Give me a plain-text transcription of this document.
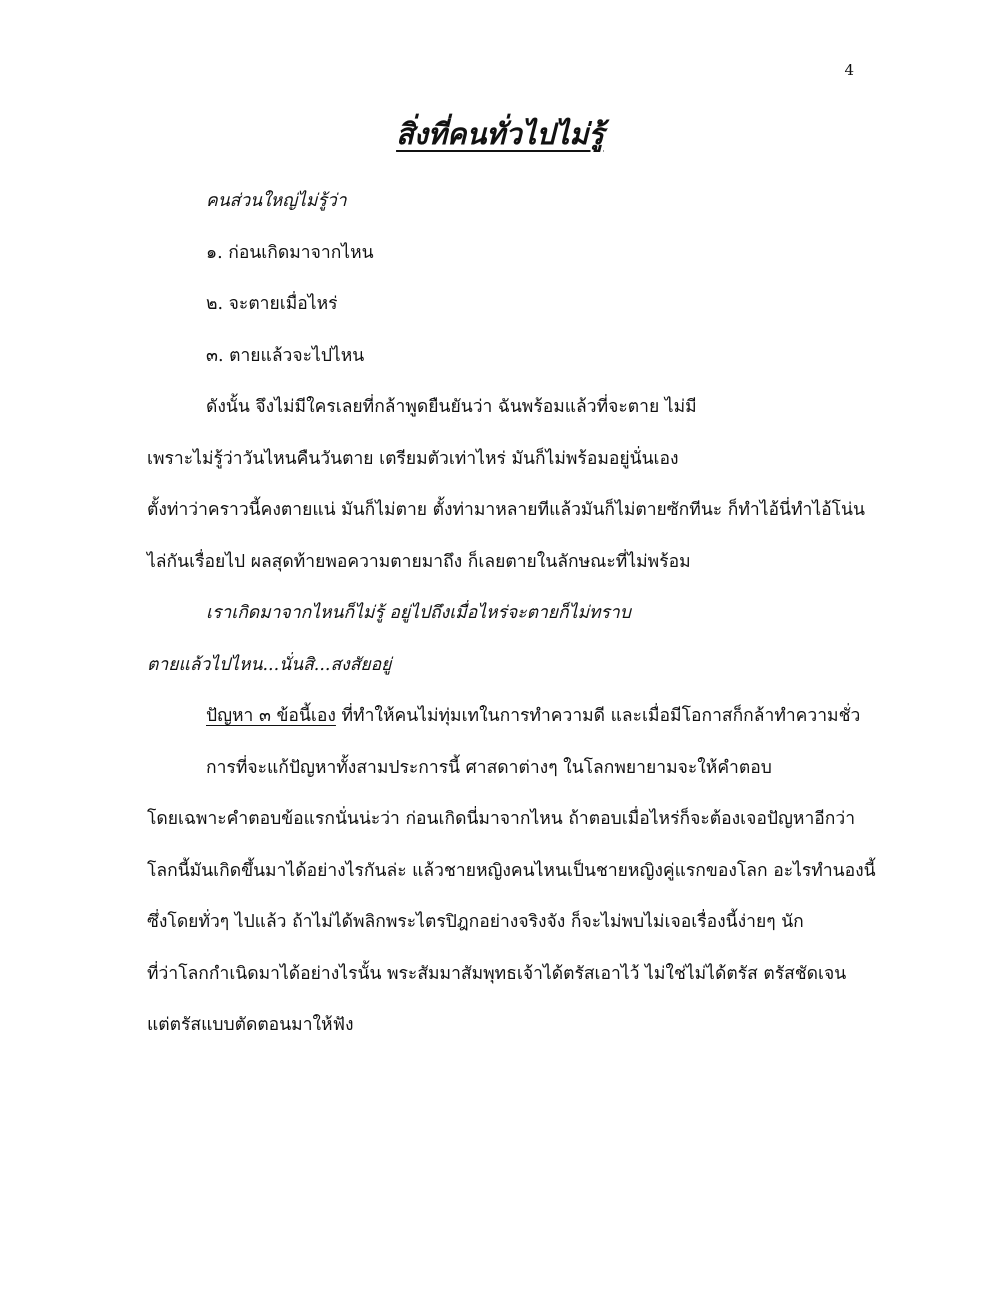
4
สิ่งที่คนทั่วไปไม่รู้
คนส่วนใหญ่ไม่รู้ว่า
๑. ก่อนเกิดมาจากไหน
๒. จะตายเมื่อไหร่
๓. ตายแล้วจะไปไหน
ดังนั้น จึงไม่มีใครเลยที่กล้าพูดยืนยันว่า ฉันพร้อมแล้วที่จะตาย ไม่มี
เพราะไม่รู้ว่าวันไหนคืนวันตาย เตรียมตัวเท่าไหร่ มันก็ไม่พร้อมอยู่นั่นเอง
ตั้งท่าว่าคราวนี้คงตายแน่ มันก็ไม่ตาย ตั้งท่ามาหลายทีแล้วมันก็ไม่ตายซักทีนะ ก็ทำไอ้นี่ทำไอ้โน่น
ไล่กันเรื่อยไป ผลสุดท้ายพอความตายมาถึง ก็เลยตายในลักษณะที่ไม่พร้อม
เราเกิดมาจากไหนก็ไม่รู้ อยู่ไปถึงเมื่อไหร่จะตายก็ไม่ทราบ
ตายแล้วไปไหน...นั่นสิ...สงสัยอยู่
ปัญหา ๓ ข้อนี้เอง ที่ทำให้คนไม่ทุ่มเทในการทำความดี และเมื่อมีโอกาสก็กล้าทำความชั่ว
การที่จะแก้ปัญหาทั้งสามประการนี้ ศาสดาต่างๆ ในโลกพยายามจะให้คำตอบ
โดยเฉพาะคำตอบข้อแรกนั่นน่ะว่า ก่อนเกิดนี่มาจากไหน ถ้าตอบเมื่อไหร่ก็จะต้องเจอปัญหาอีกว่า
โลกนี้มันเกิดขึ้นมาได้อย่างไรกันล่ะ แล้วชายหญิงคนไหนเป็นชายหญิงคู่แรกของโลก อะไรทำนองนี้
ซึ่งโดยทั่วๆ ไปแล้ว ถ้าไม่ได้พลิกพระไตรปิฎกอย่างจริงจัง ก็จะไม่พบไม่เจอเรื่องนี้ง่ายๆ นัก
ที่ว่าโลกกำเนิดมาได้อย่างไรนั้น พระสัมมาสัมพุทธเจ้าได้ตรัสเอาไว้ ไม่ใช่ไม่ได้ตรัส ตรัสชัดเจน
แต่ตรัสแบบตัดตอนมาให้ฟัง
